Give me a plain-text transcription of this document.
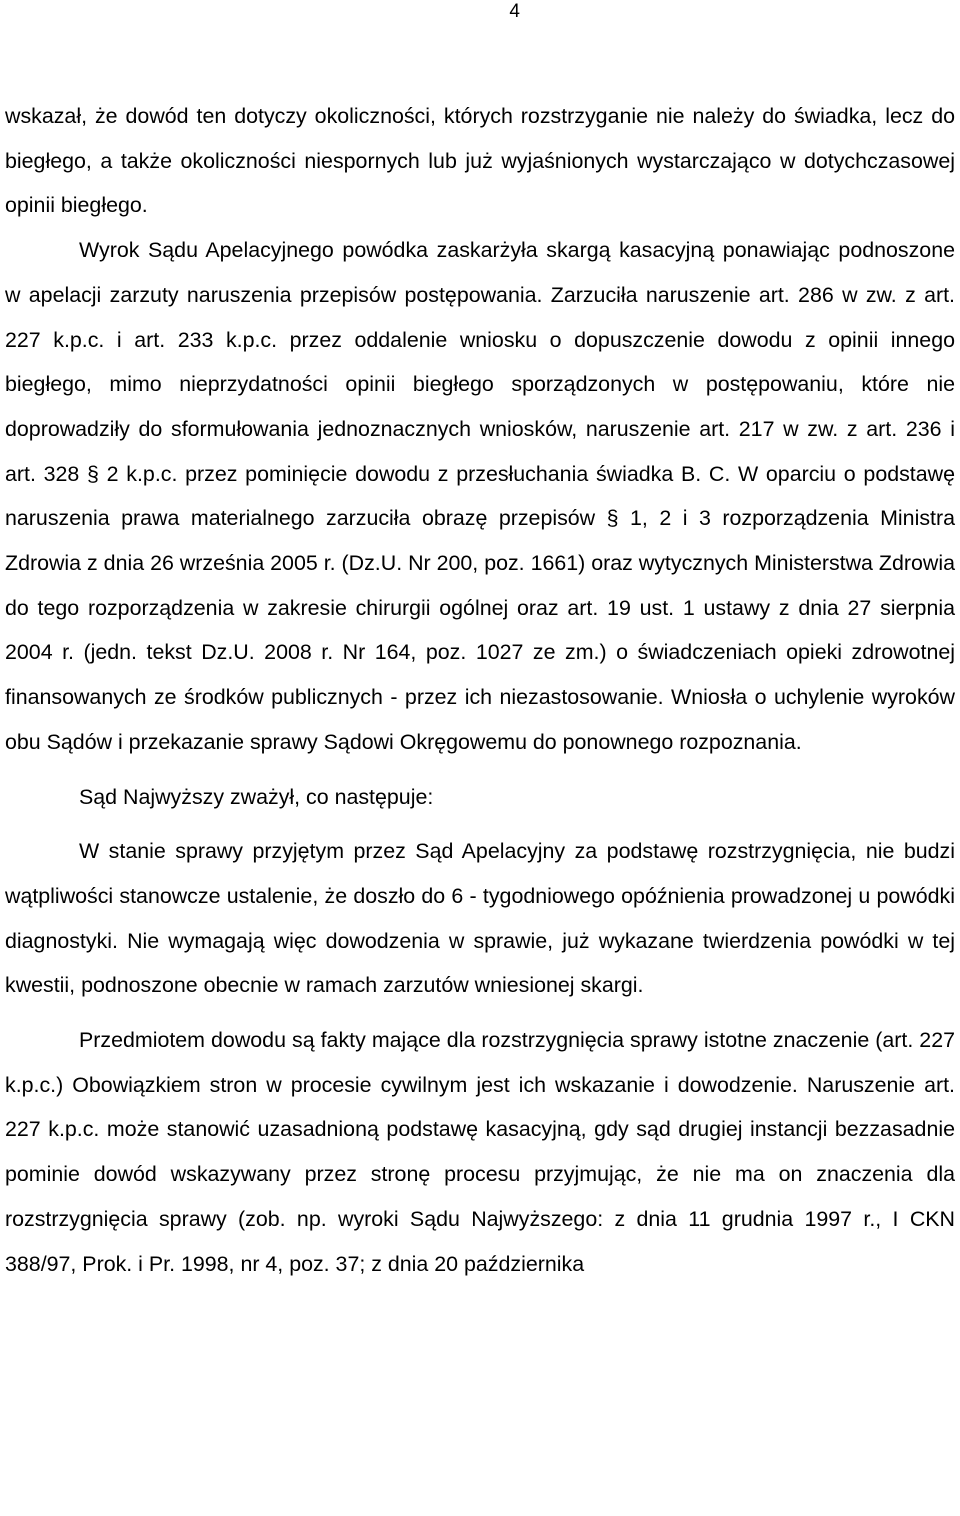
4

wskazał, że dowód ten dotyczy okoliczności, których rozstrzyganie nie należy do świadka, lecz do biegłego, a także okoliczności niespornych lub już wyjaśnionych wystarczająco w dotychczasowej opinii biegłego.

Wyrok Sądu Apelacyjnego powódka zaskarżyła skargą kasacyjną ponawiając podnoszone w apelacji zarzuty naruszenia przepisów postępowania. Zarzuciła naruszenie art. 286 w zw. z art. 227 k.p.c. i art. 233 k.p.c. przez oddalenie wniosku o dopuszczenie dowodu z opinii innego biegłego, mimo nieprzydatności opinii biegłego sporządzonych w postępowaniu, które nie doprowadziły do sformułowania jednoznacznych wniosków, naruszenie art. 217 w zw. z art. 236 i art. 328 § 2 k.p.c. przez pominięcie dowodu z przesłuchania świadka B. C. W oparciu o podstawę naruszenia prawa materialnego zarzuciła obrazę przepisów § 1, 2 i 3 rozporządzenia Ministra Zdrowia z dnia 26 września 2005 r. (Dz.U. Nr 200, poz. 1661) oraz wytycznych Ministerstwa Zdrowia do tego rozporządzenia w zakresie chirurgii ogólnej oraz art. 19 ust. 1 ustawy z dnia 27 sierpnia 2004 r. (jedn. tekst Dz.U. 2008 r. Nr 164, poz. 1027 ze zm.) o świadczeniach opieki zdrowotnej finansowanych ze środków publicznych - przez ich niezastosowanie. Wniosła o uchylenie wyroków obu Sądów i przekazanie sprawy Sądowi Okręgowemu do ponownego rozpoznania.

Sąd Najwyższy zważył, co następuje:

W stanie sprawy przyjętym przez Sąd Apelacyjny za podstawę rozstrzygnięcia, nie budzi wątpliwości stanowcze ustalenie, że doszło do 6 - tygodniowego opóźnienia prowadzonej u powódki diagnostyki. Nie wymagają więc dowodzenia w sprawie, już wykazane twierdzenia powódki w tej kwestii, podnoszone obecnie w ramach zarzutów wniesionej skargi.

Przedmiotem dowodu są fakty mające dla rozstrzygnięcia sprawy istotne znaczenie (art. 227 k.p.c.) Obowiązkiem stron w procesie cywilnym jest ich wskazanie i dowodzenie. Naruszenie art. 227 k.p.c. może stanowić uzasadnioną podstawę kasacyjną, gdy sąd drugiej instancji bezzasadnie pominie dowód wskazywany przez stronę procesu przyjmując, że nie ma on znaczenia dla rozstrzygnięcia sprawy (zob. np. wyroki Sądu Najwyższego: z dnia 11 grudnia 1997 r., I CKN 388/97, Prok. i Pr. 1998, nr 4, poz. 37; z dnia 20 października
